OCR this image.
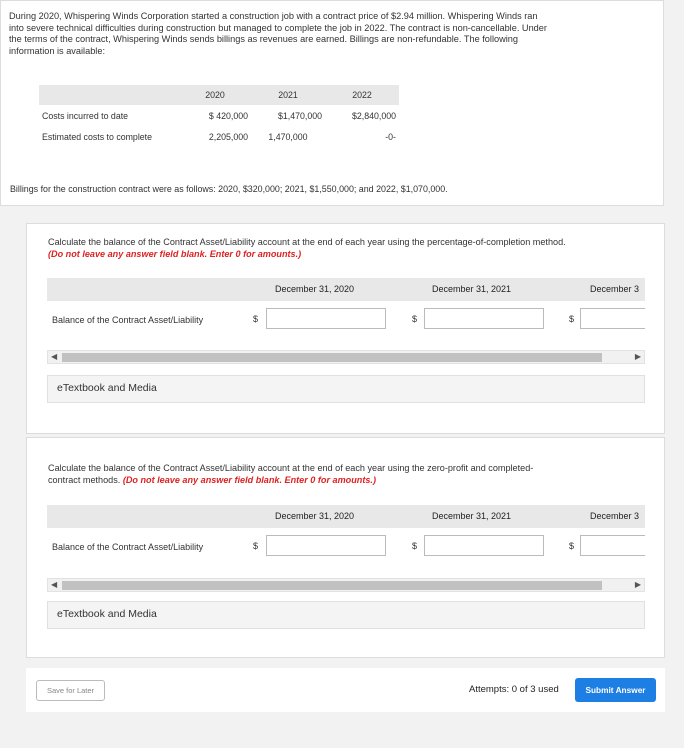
During 2020, Whispering Winds Corporation started a construction job with a contract price of $2.94 million. Whispering Winds ran

into severe technical difficulties during construction but managed to complete the job in 2022. The contract is non-cancellable. Under

the terms of the contract, Whispering Winds sends billings as revenues are earned. Billings are non-refundable. The following

information is available:

	2020	2021	2022
Costs incurred to date	$ 420,000	$1,470,000	$2,840,000
Estimated costs to complete	2,205,000	1,470,000	-0-
Billings for the construction contract were as follows: 2020, $320,000; 2021, $1,550,000; and 2022, $1,070,000.
Calculate the balance of the Contract Asset/Liability account at the end of each year using the percentage-of-completion method.
(Do not leave any answer field blank. Enter 0 for amounts.)
December 31, 2020	December 31, 2021	December 3
Balance of the Contract Asset/Liability	$	$	$
◀	▶
eTextbook and Media
Calculate the balance of the Contract Asset/Liability account at the end of each year using the zero-profit and completed-
contract methods. (Do not leave any answer field blank. Enter 0 for amounts.)
December 31, 2020	December 31, 2021	December 3
Balance of the Contract Asset/Liability	$	$	$
◀	▶
eTextbook and Media
Save for Later	Attempts: 0 of 3 used	Submit Answer
